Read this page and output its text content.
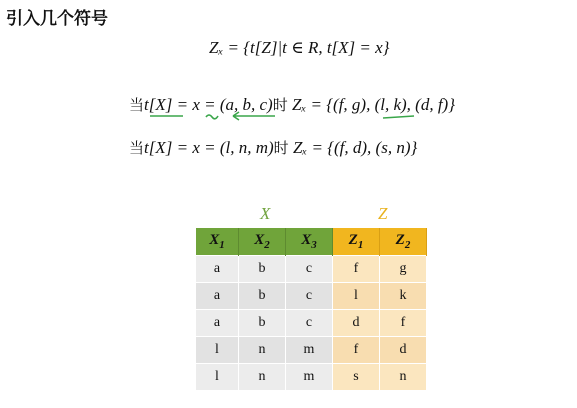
引入几个符号
Zₓ = {t[Z]|t ∈ R, t[X] = x}
当t[X] = x = (a, b, c)时 Zₓ = {(f, g), (l, k), (d, f)}
当t[X] = x = (l, n, m)时 Zₓ = {(f, d), (s, n)}
X	Z
$X_1$	$X_2$	$X_3$	$Z_1$	$Z_2$
a	b	c	f	g
a	b	c	l	k
a	b	c	d	f
l	n	m	f	d
l	n	m	s	n
